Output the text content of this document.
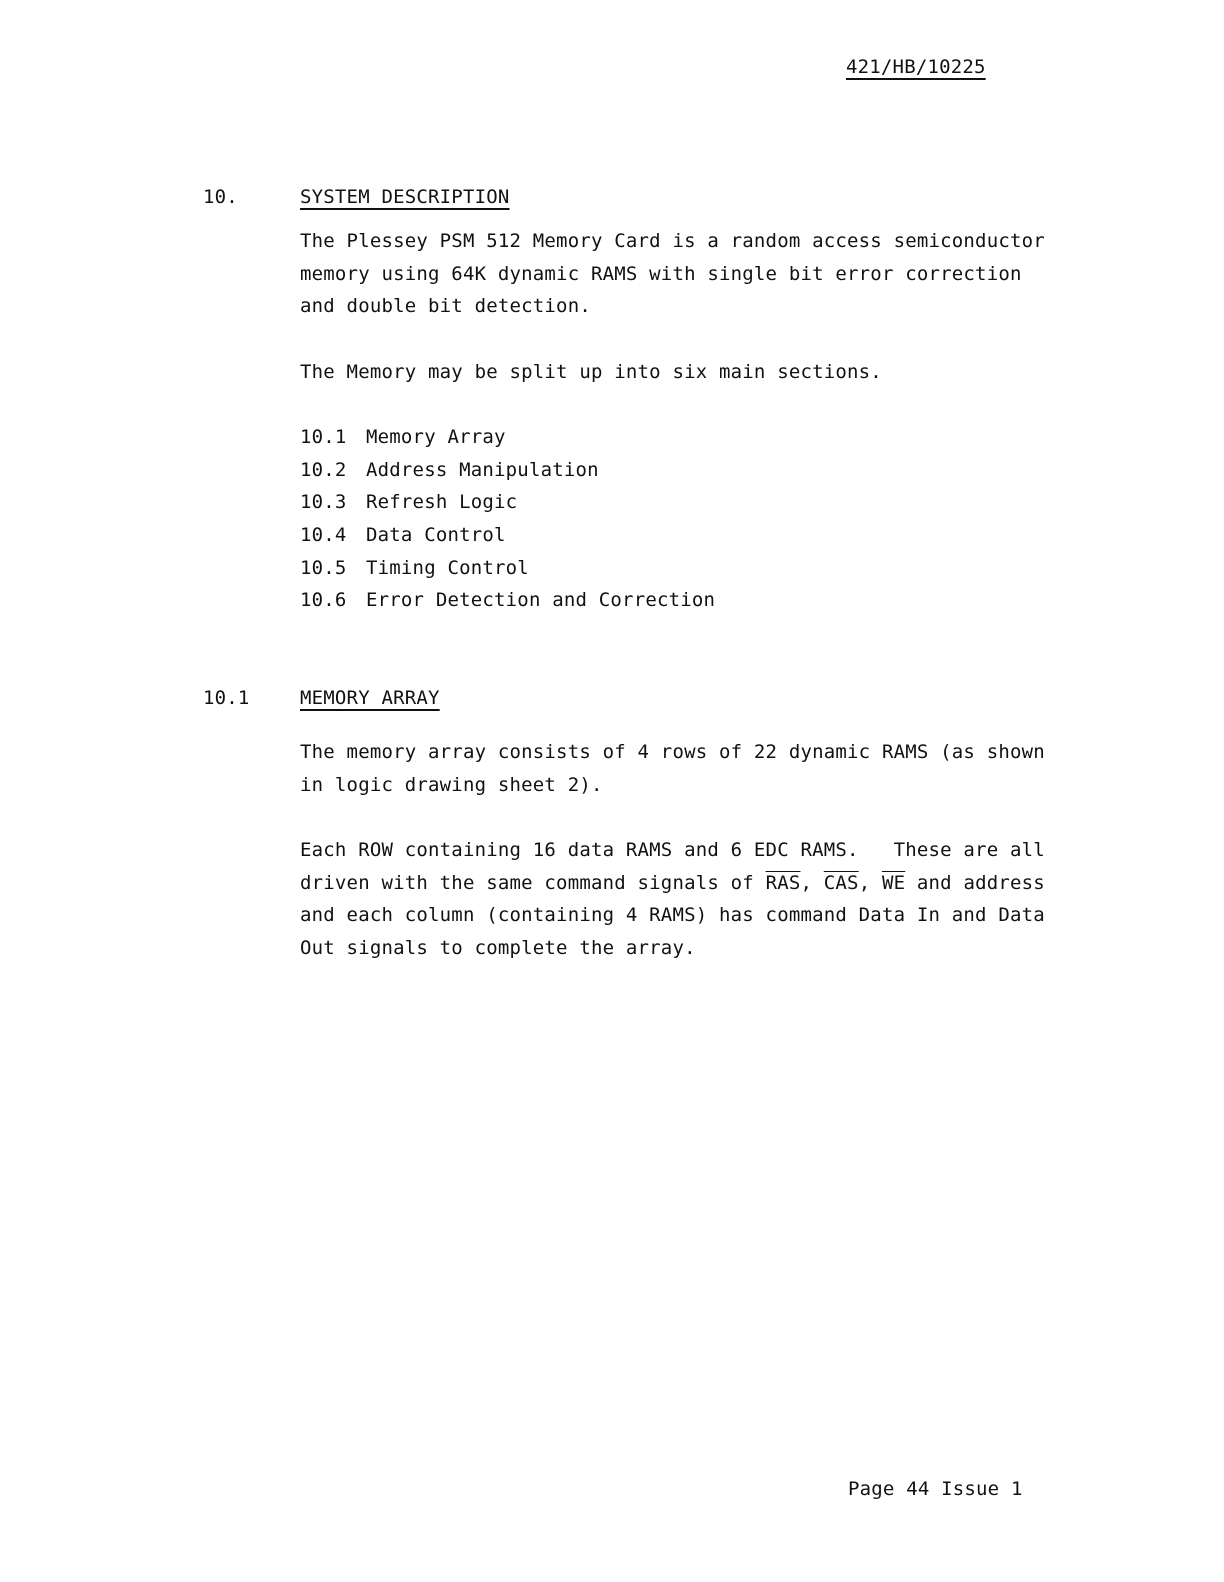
421/HB/10225
10.	SYSTEM DESCRIPTION
The Plessey PSM 512 Memory Card is a random access semiconductor
memory using 64K dynamic RAMS with single bit error correction
and double bit detection.
The Memory may be split up into six main sections.
10.1 Memory Array
10.2 Address Manipulation
10.3 Refresh Logic
10.4 Data Control
10.5 Timing Control
10.6 Error Detection and Correction
10.1	MEMORY ARRAY
The memory array consists of 4 rows of 22 dynamic RAMS (as shown
in logic drawing sheet 2).
Each ROW containing 16 data RAMS and 6 EDC RAMS.   These are all
driven with the same command signals of $\overline{RAS}$, $\overline{CAS}$, $\overline{WE}$ and address
and each column (containing 4 RAMS) has command Data In and Data
Out signals to complete the array.
Page 44 Issue 1
